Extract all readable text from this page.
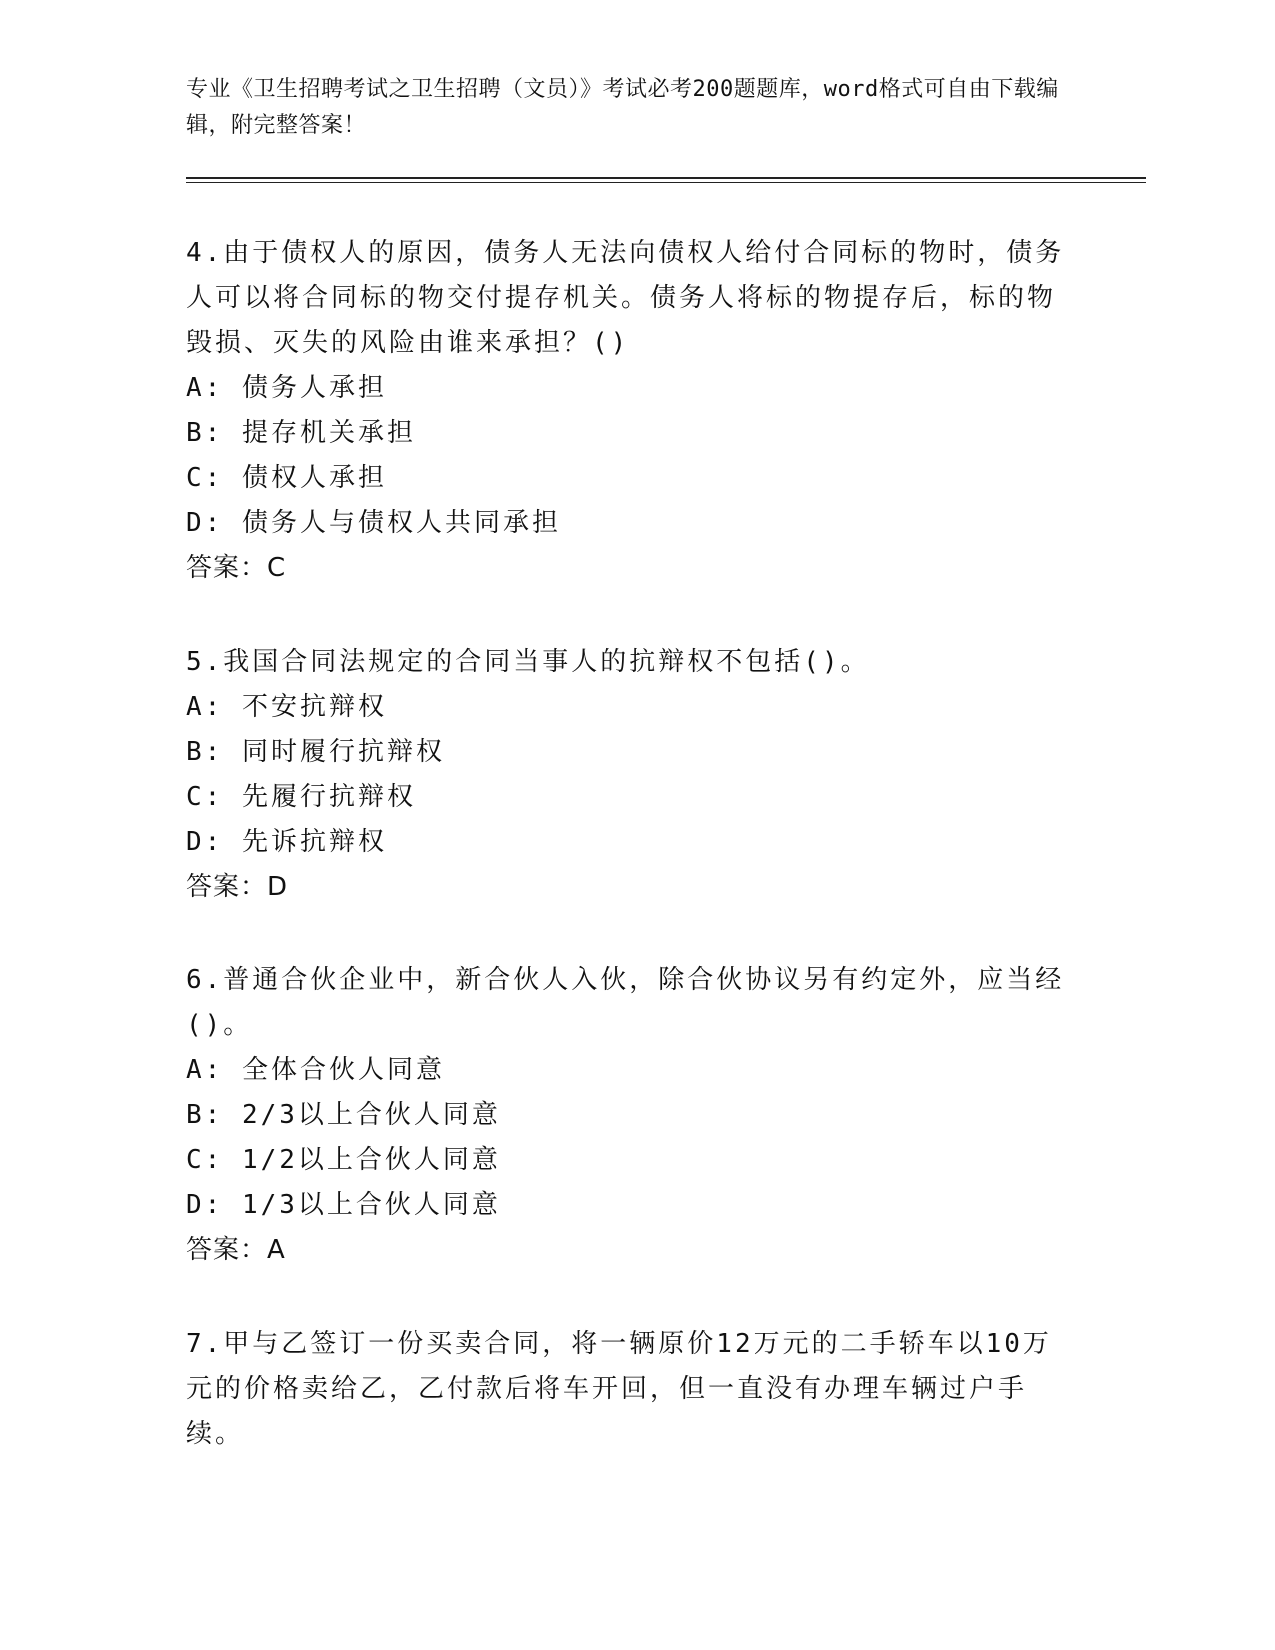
专业《卫生招聘考试之卫生招聘（文员）》考试必考200题题库，word格式可自由下载编辑，附完整答案！
4.由于债权人的原因，债务人无法向债权人给付合同标的物时，债务人可以将合同标的物交付提存机关。债务人将标的物提存后，标的物毁损、灭失的风险由谁来承担？()
A: 债务人承担
B: 提存机关承担
C: 债权人承担
D: 债务人与债权人共同承担
答案：C
5.我国合同法规定的合同当事人的抗辩权不包括()。
A: 不安抗辩权
B: 同时履行抗辩权
C: 先履行抗辩权
D: 先诉抗辩权
答案：D
6.普通合伙企业中，新合伙人入伙，除合伙协议另有约定外，应当经()。
A: 全体合伙人同意
B: 2/3以上合伙人同意
C: 1/2以上合伙人同意
D: 1/3以上合伙人同意
答案：A
7.甲与乙签订一份买卖合同，将一辆原价12万元的二手轿车以10万元的价格卖给乙，乙付款后将车开回，但一直没有办理车辆过户手续。
